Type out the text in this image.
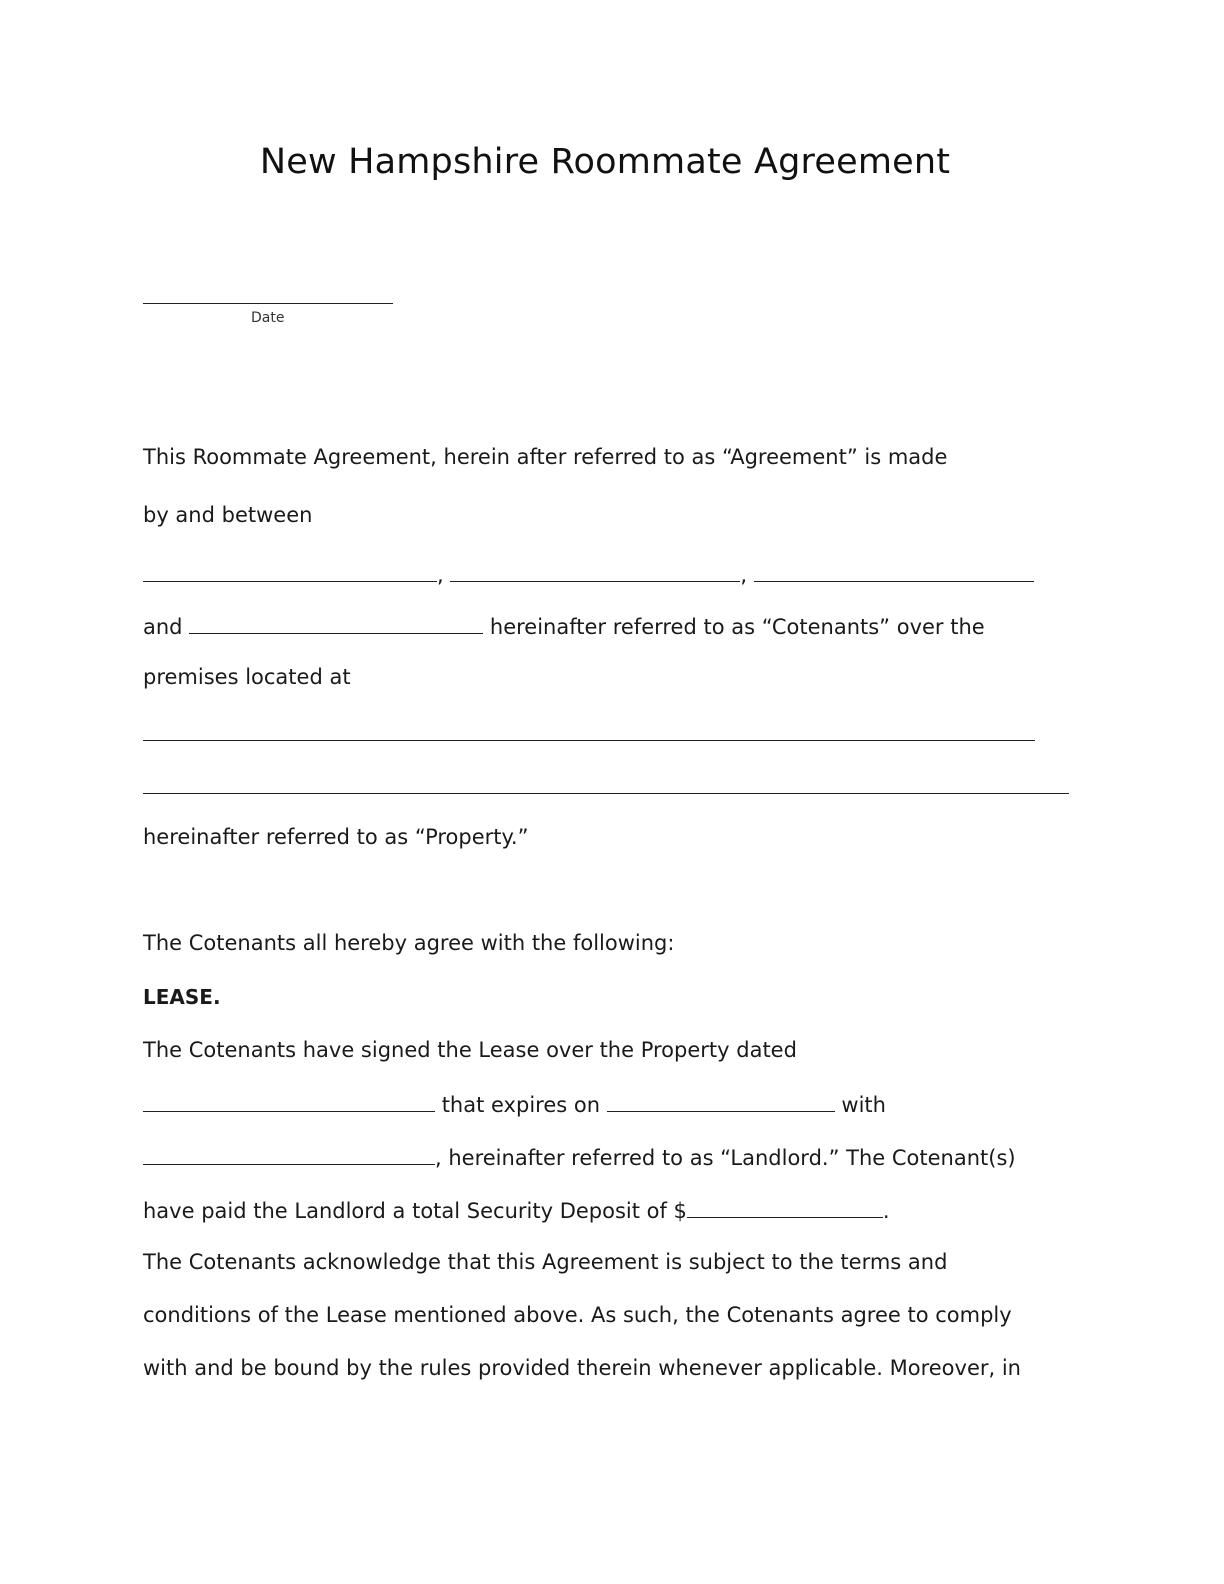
New Hampshire Roommate Agreement
Date
This Roommate Agreement, herein after referred to as “Agreement” is made
by and between
,	,
and	hereinafter referred to as “Cotenants” over the
premises located at
hereinafter referred to as “Property.”
The Cotenants all hereby agree with the following:
LEASE.
The Cotenants have signed the Lease over the Property dated
that expires on	with
, hereinafter referred to as “Landlord.” The Cotenant(s)
have paid the Landlord a total Security Deposit of $	.
The Cotenants acknowledge that this Agreement is subject to the terms and
conditions of the Lease mentioned above. As such, the Cotenants agree to comply
with and be bound by the rules provided therein whenever applicable. Moreover, in
